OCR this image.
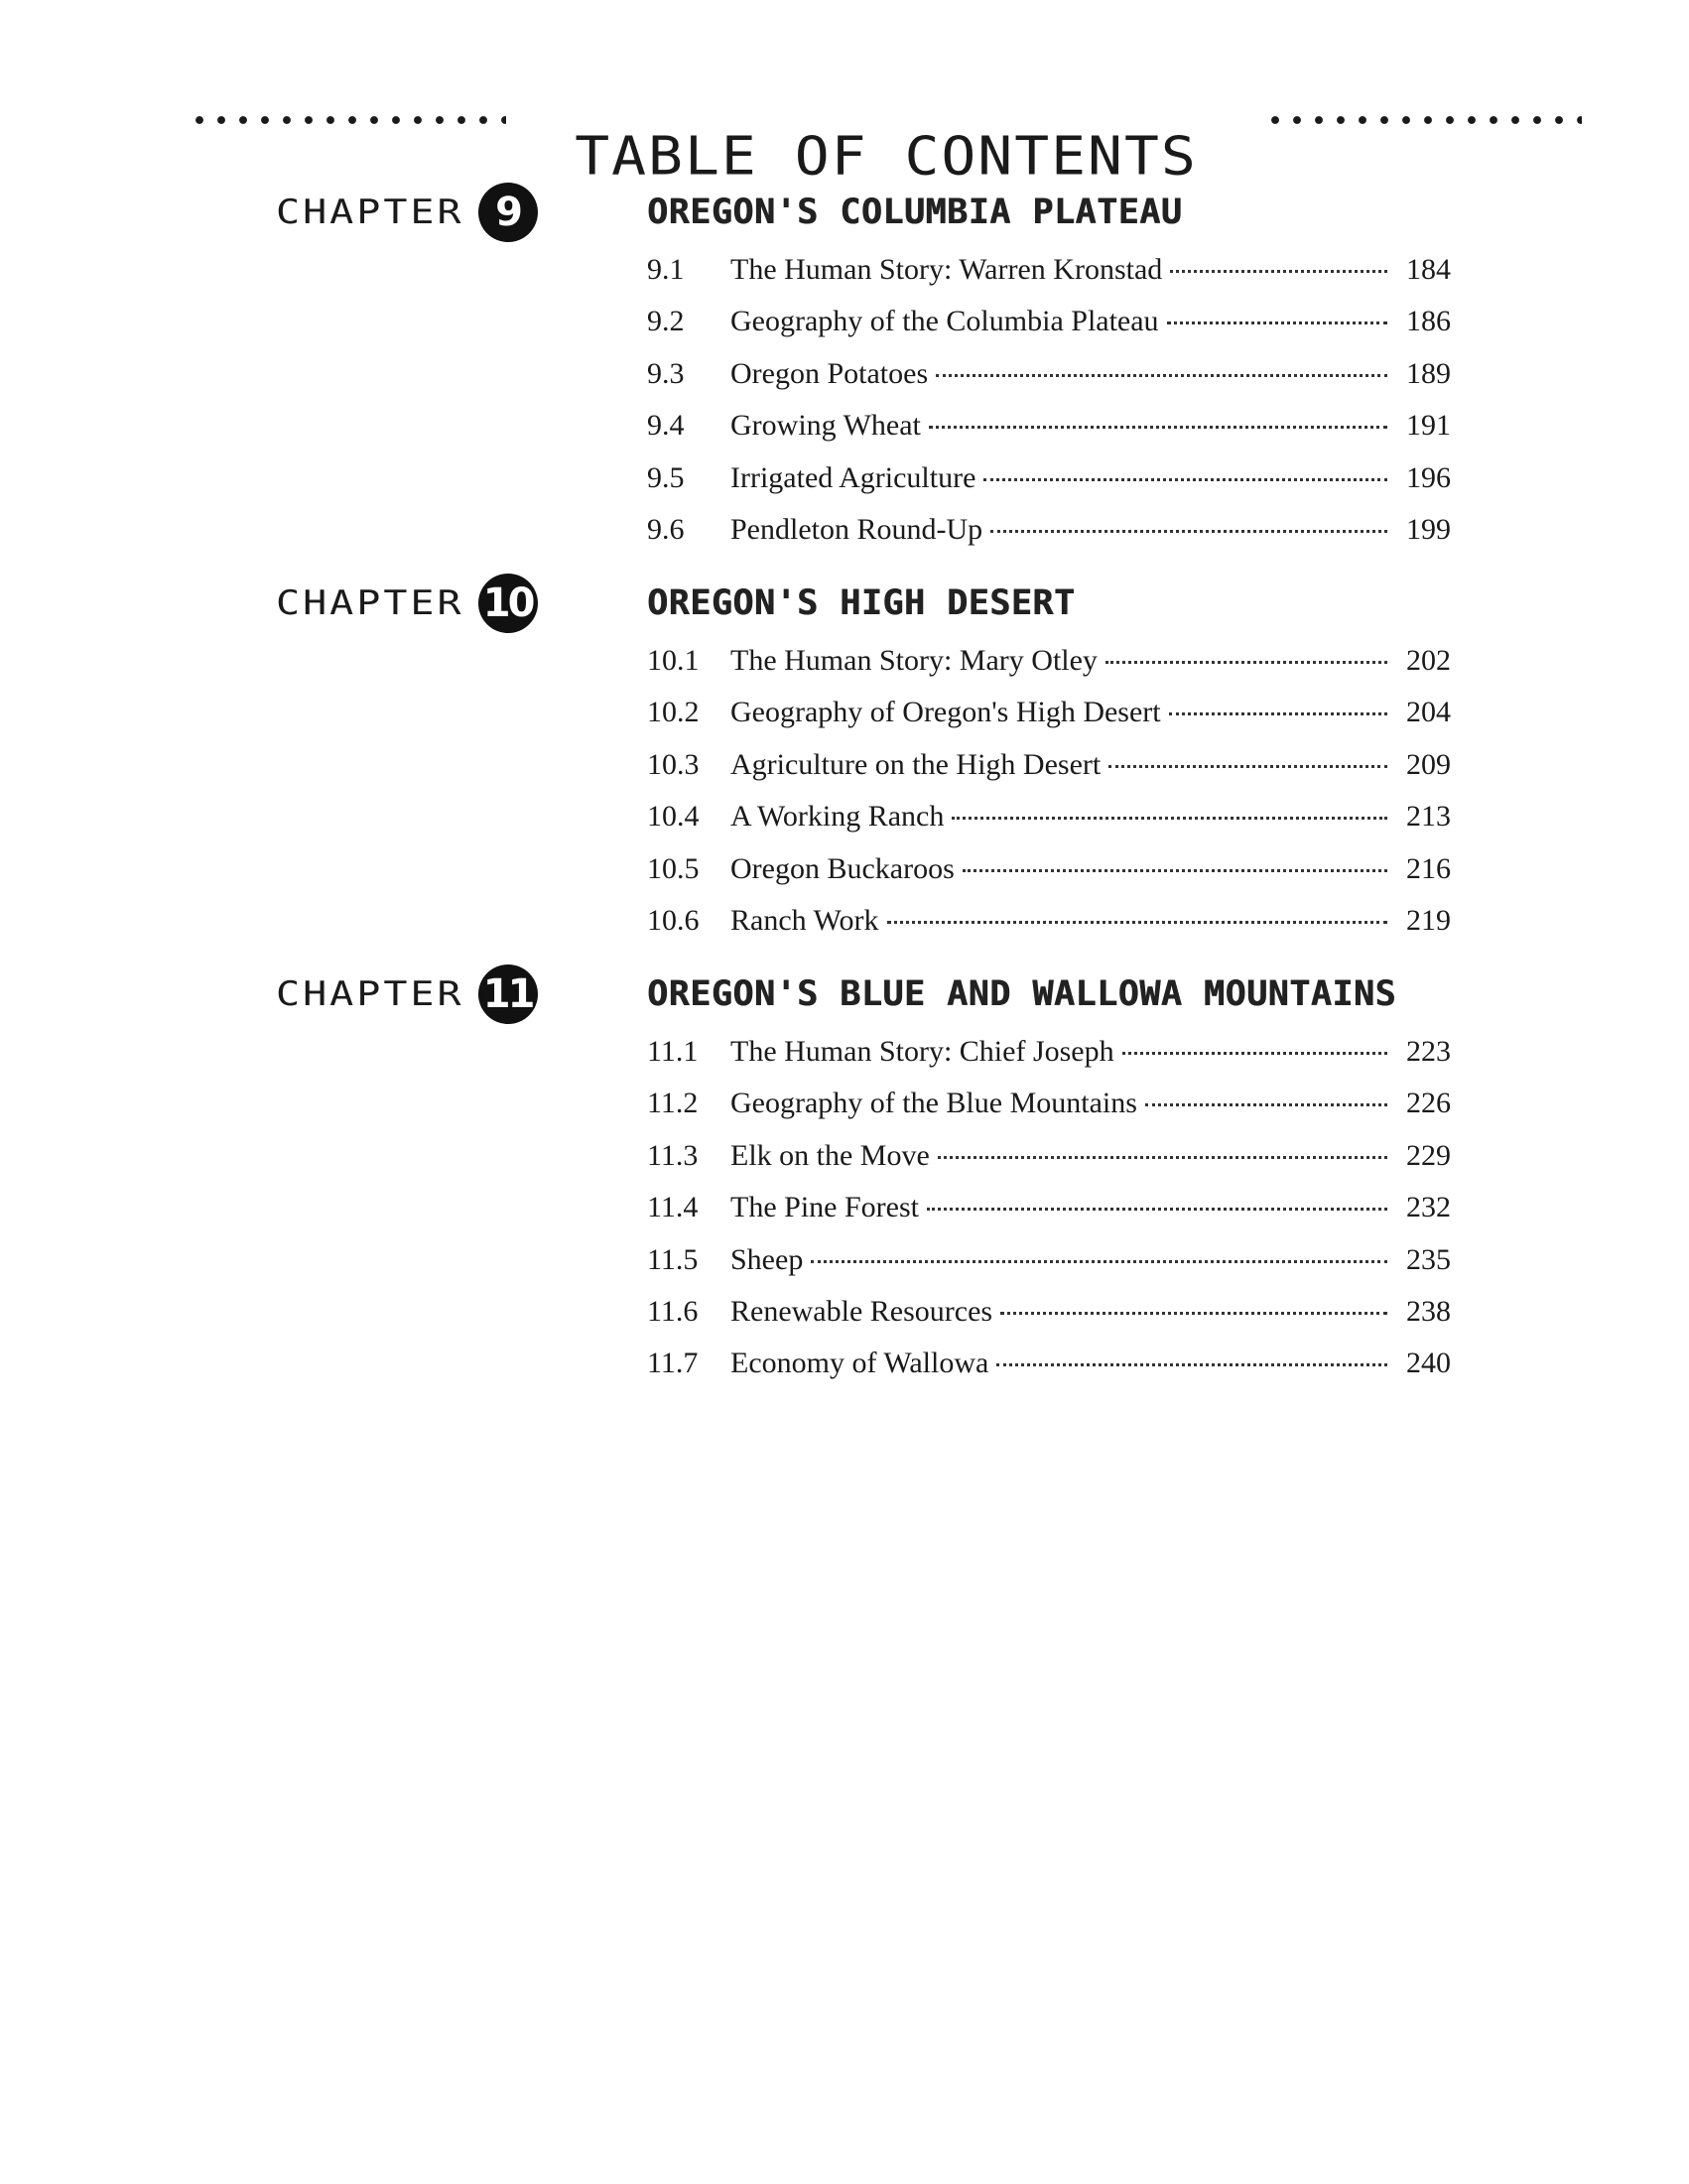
TABLE OF CONTENTS
CHAPTER 9	OREGON'S COLUMBIA PLATEAU
9.1	The Human Story: Warren Kronstad	184
9.2	Geography of the Columbia Plateau	186
9.3	Oregon Potatoes	189
9.4	Growing Wheat	191
9.5	Irrigated Agriculture	196
9.6	Pendleton Round-Up	199
CHAPTER 10	OREGON'S HIGH DESERT
10.1	The Human Story: Mary Otley	202
10.2	Geography of Oregon's High Desert	204
10.3	Agriculture on the High Desert	209
10.4	A Working Ranch	213
10.5	Oregon Buckaroos	216
10.6	Ranch Work	219
CHAPTER 11	OREGON'S BLUE AND WALLOWA MOUNTAINS
11.1	The Human Story: Chief Joseph	223
11.2	Geography of the Blue Mountains	226
11.3	Elk on the Move	229
11.4	The Pine Forest	232
11.5	Sheep	235
11.6	Renewable Resources	238
11.7	Economy of Wallowa	240
